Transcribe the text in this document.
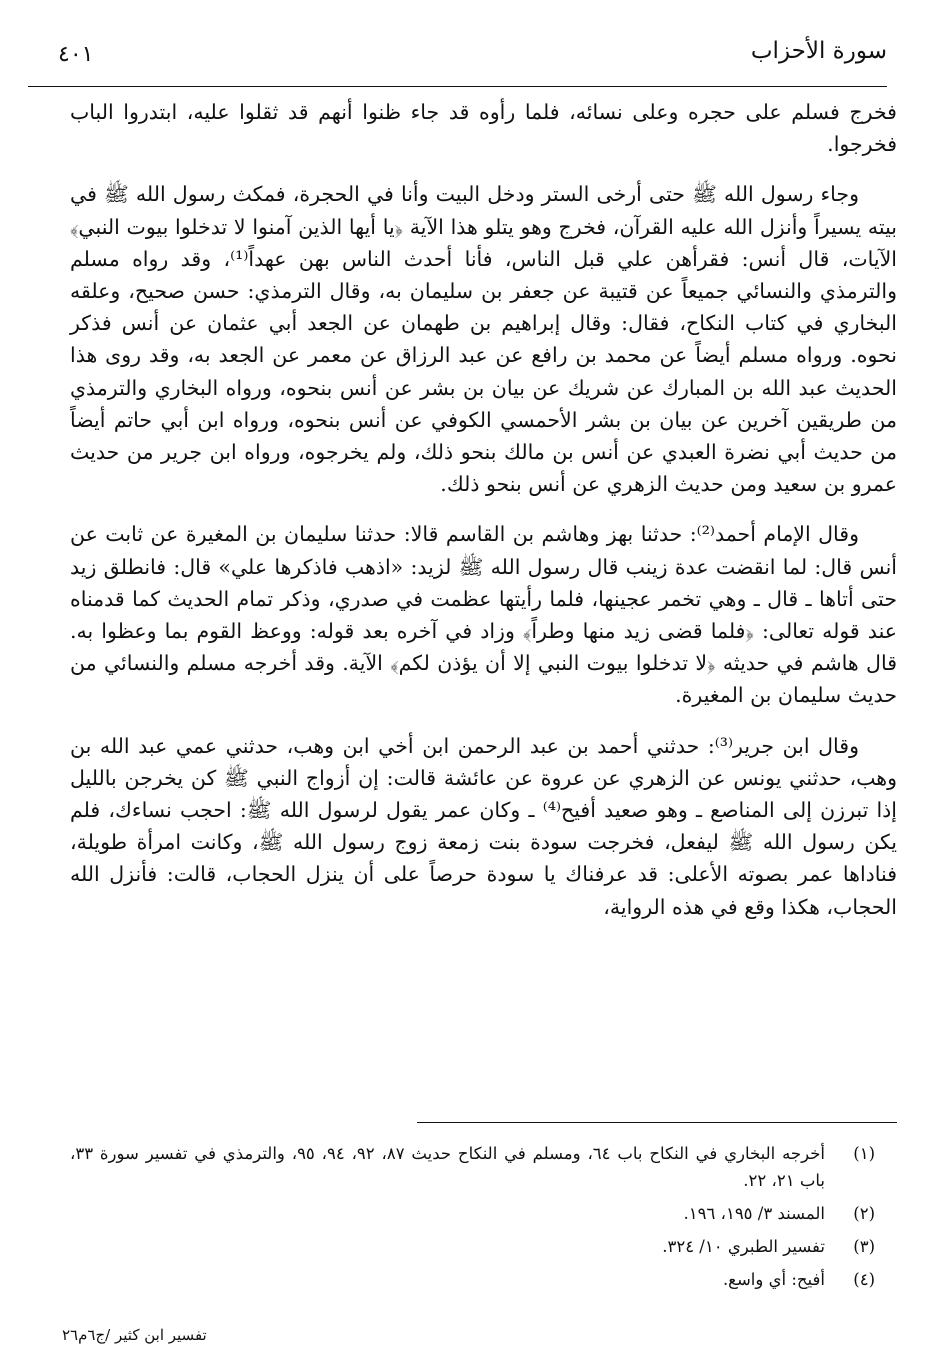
سورة الأحزاب
٤٠١

فخرج فسلم على حجره وعلى نسائه، فلما رأوه قد جاء ظنوا أنهم قد ثقلوا عليه، ابتدروا الباب فخرجوا.

وجاء رسول الله ﷺ حتى أرخى الستر ودخل البيت وأنا في الحجرة، فمكث رسول الله ﷺ في بيته يسيراً وأنزل الله عليه القرآن، فخرج وهو يتلو هذا الآية ﴿يا أيها الذين آمنوا لا تدخلوا بيوت النبي﴾ الآيات، قال أنس: فقرأهن علي قبل الناس، فأنا أحدث الناس بهن عهداً⁽¹⁾، وقد رواه مسلم والترمذي والنسائي جميعاً عن قتيبة عن جعفر بن سليمان به، وقال الترمذي: حسن صحيح، وعلقه البخاري في كتاب النكاح، فقال: وقال إبراهيم بن طهمان عن الجعد أبي عثمان عن أنس فذكر نحوه. ورواه مسلم أيضاً عن محمد بن رافع عن عبد الرزاق عن معمر عن الجعد به، وقد روى هذا الحديث عبد الله بن المبارك عن شريك عن بيان بن بشر عن أنس بنحوه، ورواه البخاري والترمذي من طريقين آخرين عن بيان بن بشر الأحمسي الكوفي عن أنس بنحوه، ورواه ابن أبي حاتم أيضاً من حديث أبي نضرة العبدي عن أنس بن مالك بنحو ذلك، ولم يخرجوه، ورواه ابن جرير من حديث عمرو بن سعيد ومن حديث الزهري عن أنس بنحو ذلك.

وقال الإمام أحمد⁽²⁾: حدثنا بهز وهاشم بن القاسم قالا: حدثنا سليمان بن المغيرة عن ثابت عن أنس قال: لما انقضت عدة زينب قال رسول الله ﷺ لزيد: «اذهب فاذكرها علي» قال: فانطلق زيد حتى أتاها ـ قال ـ وهي تخمر عجينها، فلما رأيتها عظمت في صدري، وذكر تمام الحديث كما قدمناه عند قوله تعالى: ﴿فلما قضى زيد منها وطراً﴾ وزاد في آخره بعد قوله: ووعظ القوم بما وعظوا به. قال هاشم في حديثه ﴿لا تدخلوا بيوت النبي إلا أن يؤذن لكم﴾ الآية. وقد أخرجه مسلم والنسائي من حديث سليمان بن المغيرة.

وقال ابن جرير⁽³⁾: حدثني أحمد بن عبد الرحمن ابن أخي ابن وهب، حدثني عمي عبد الله بن وهب، حدثني يونس عن الزهري عن عروة عن عائشة قالت: إن أزواج النبي ﷺ كن يخرجن بالليل إذا تبرزن إلى المناصع ـ وهو صعيد أفيح⁽⁴⁾ ـ وكان عمر يقول لرسول الله ﷺ: احجب نساءك، فلم يكن رسول الله ﷺ ليفعل، فخرجت سودة بنت زمعة زوج رسول الله ﷺ، وكانت امرأة طويلة، فناداها عمر بصوته الأعلى: قد عرفناك يا سودة حرصاً على أن ينزل الحجاب، قالت: فأنزل الله الحجاب، هكذا وقع في هذه الرواية،

(١)
أخرجه البخاري في النكاح باب ٦٤، ومسلم في النكاح حديث ٨٧، ٩٢، ٩٤، ٩٥، والترمذي في تفسير سورة ٣٣، باب ٢١، ٢٢.
(٢)
المسند ٣/ ١٩٥، ١٩٦.
(٣)
تفسير الطبري ١٠/ ٣٢٤.
(٤)
أفيح: أي واسع.
تفسير ابن كثير /ج٦م٢٦
